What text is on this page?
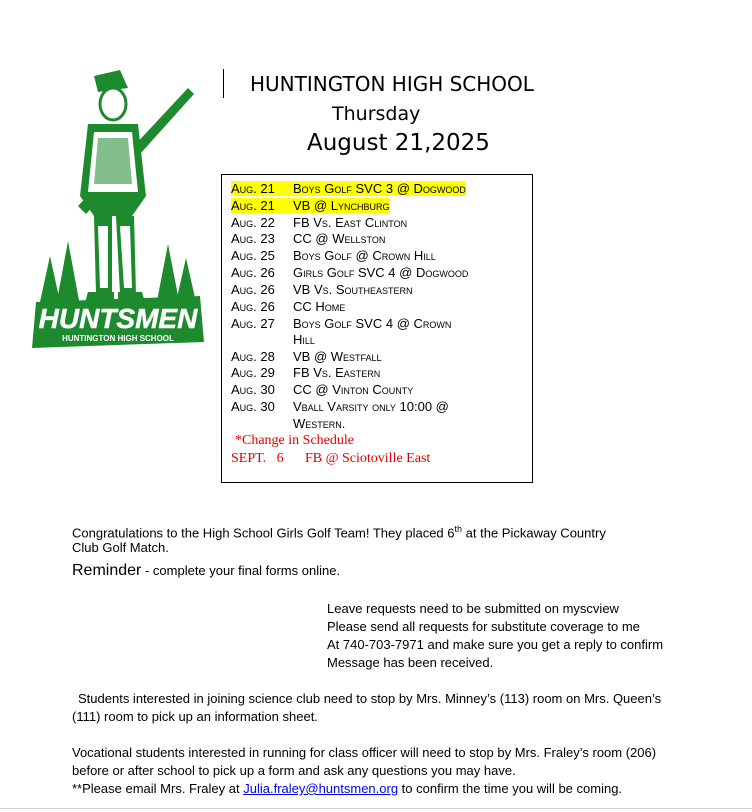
HUNTSMEN
HUNTINGTON HIGH SCHOOL
HUNTINGTON HIGH SCHOOL
Thursday
August 21,2025
Aug. 21 Boys Golf SVC 3 @ Dogwood
Aug. 21 VB @ Lynchburg
Aug. 22 FB Vs. East Clinton
Aug. 23 CC @ Wellston
Aug. 25 Boys Golf @ Crown Hill
Aug. 26 Girls Golf SVC 4 @ Dogwood
Aug. 26 VB Vs. Southeastern
Aug. 26 CC Home
Aug. 27 Boys Golf SVC 4 @ Crown
Hill
Aug. 28 VB @ Westfall
Aug. 29 FB Vs. Eastern
Aug. 30 CC @ Vinton County
Aug. 30 Vball Varsity only 10:00 @
Western.
*Change in Schedule
SEPT.   6 FB @ Sciotoville East
Congratulations to the High School Girls Golf Team! They placed 6th at the Pickaway Country
Club Golf Match.
Reminder - complete your final forms online.
Leave requests need to be submitted on myscview
Please send all requests for substitute coverage to me
At 740-703-7971 and make sure you get a reply to confirm
Message has been received.
Students interested in joining science club need to stop by Mrs. Minney’s (113) room on Mrs. Queen’s
(111) room to pick up an information sheet.
Vocational students interested in running for class officer will need to stop by Mrs. Fraley’s room (206)
before or after school to pick up a form and ask any questions you may have.
**Please email Mrs. Fraley at Julia.fraley@huntsmen.org to confirm the time you will be coming.
